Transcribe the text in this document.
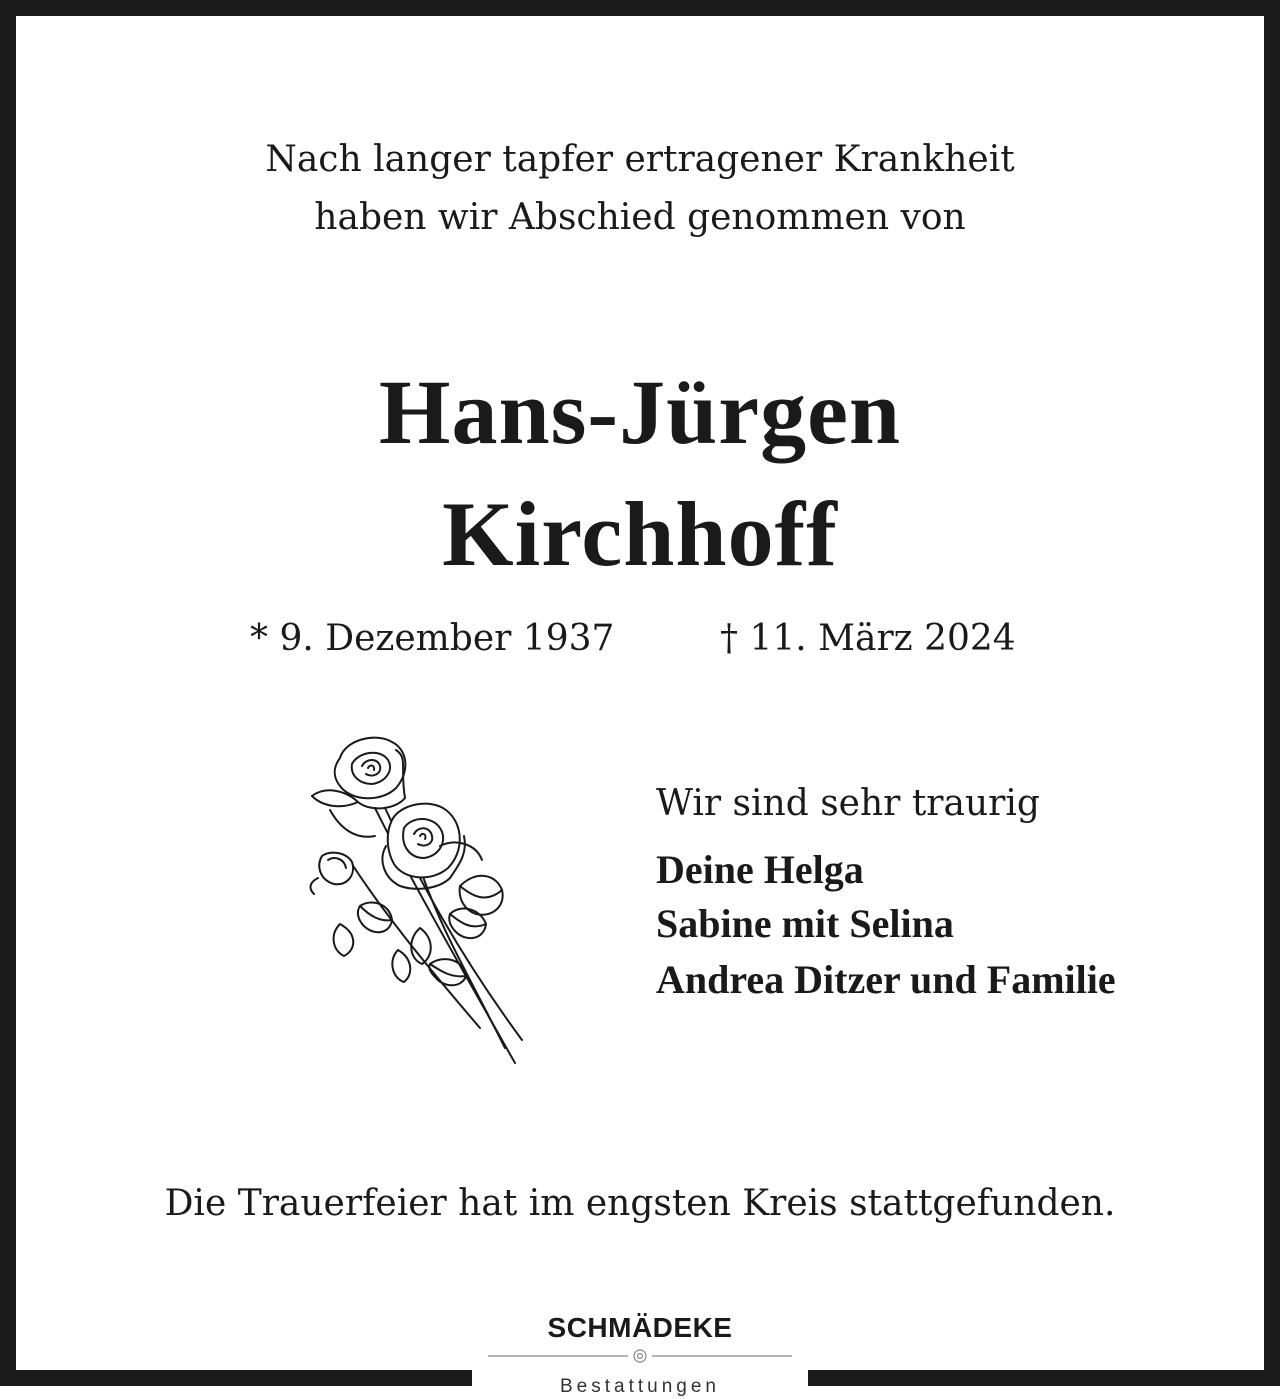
Nach langer tapfer ertragener Krankheit
haben wir Abschied genommen von
Hans-Jürgen
Kirchhoff
* 9. Dezember 1937	† 11. März 2024
Wir sind sehr traurig
Deine Helga
Sabine mit Selina
Andrea Ditzer und Familie
Die Trauerfeier hat im engsten Kreis stattgefunden.
SCHMÄDEKE
Bestattungen
